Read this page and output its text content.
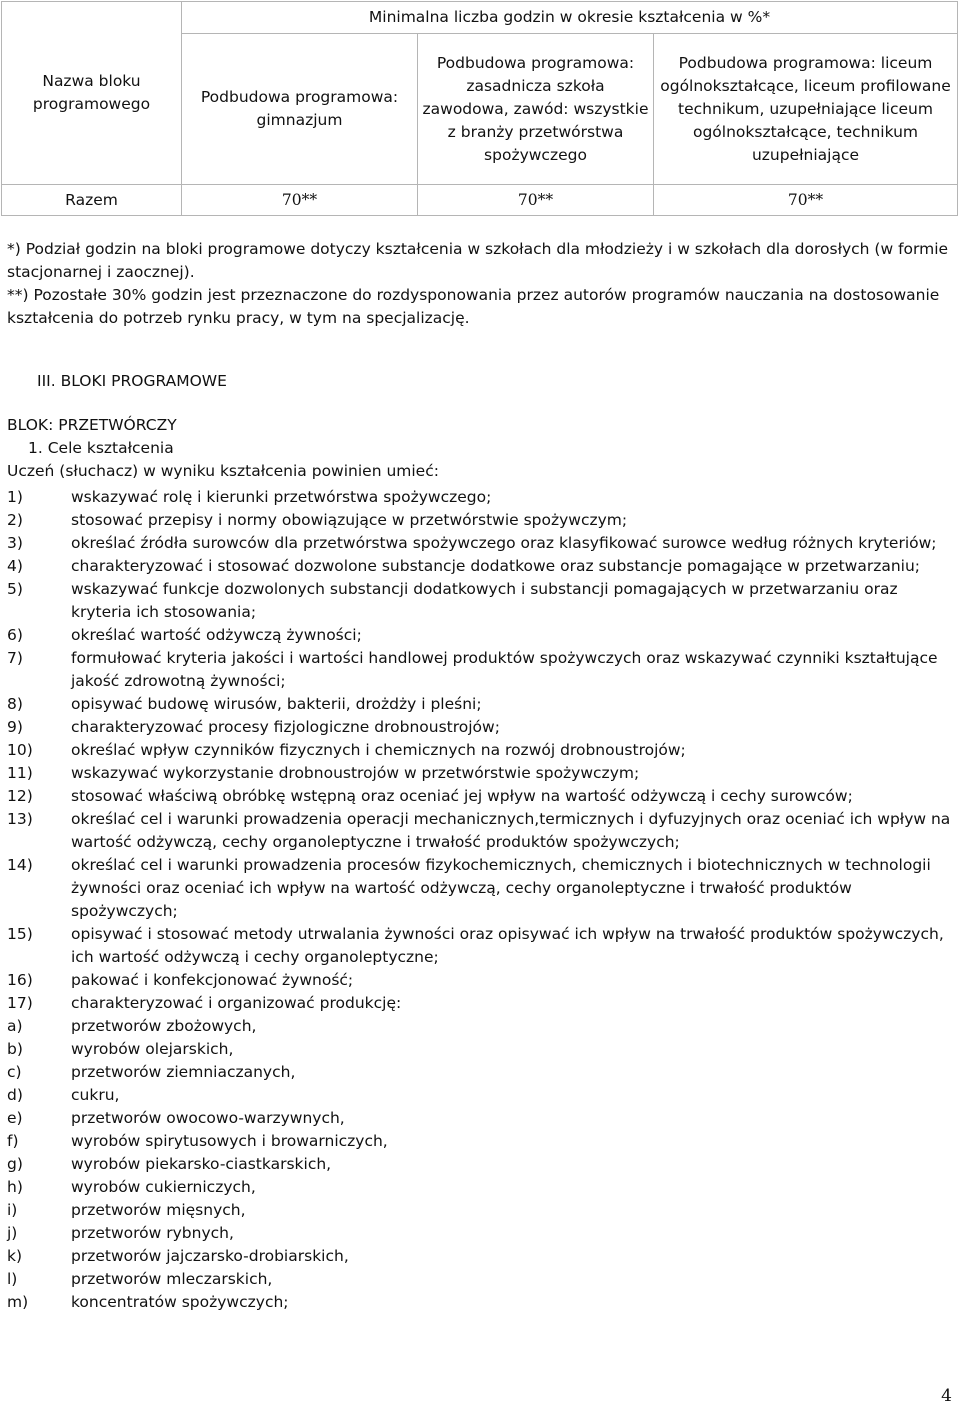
Nazwa bloku programowego	Minimalna liczba godzin w okresie kształcenia w %*		
	Podbudowa programowa: gimnazjum	Podbudowa programowa: zasadnicza szkoła zawodowa, zawód: wszystkie z branży przetwórstwa spożywczego	Podbudowa programowa: liceum ogólnokształcące, liceum profilowane technikum, uzupełniające liceum ogólnokształcące, technikum uzupełniające
Razem	70**	70**	70**

*) Podział godzin na bloki programowe dotyczy kształcenia w szkołach dla młodzieży i w szkołach dla dorosłych (w formie stacjonarnej i zaocznej).

**) Pozostałe 30% godzin jest przeznaczone do rozdysponowania przez autorów programów nauczania na dostosowanie kształcenia do potrzeb rynku pracy, w tym na specjalizację.

III. BLOKI PROGRAMOWE
BLOK: PRZETWÓRCZY
1. Cele kształcenia
Uczeń (słuchacz) w wyniku kształcenia powinien umieć:
1)	wskazywać rolę i kierunki przetwórstwa spożywczego;
2)	stosować przepisy i normy obowiązujące w przetwórstwie spożywczym;
3)	określać źródła surowców dla przetwórstwa spożywczego oraz klasyfikować surowce według różnych kryteriów;
4)	charakteryzować i stosować dozwolone substancje dodatkowe oraz substancje pomagające w przetwarzaniu;
5)	wskazywać funkcje dozwolonych substancji dodatkowych i substancji pomagających w przetwarzaniu oraz kryteria ich stosowania;
6)	określać wartość odżywczą żywności;
7)	formułować kryteria jakości i wartości handlowej produktów spożywczych oraz wskazywać czynniki kształtujące jakość zdrowotną żywności;
8)	opisywać budowę wirusów, bakterii, drożdży i pleśni;
9)	charakteryzować procesy fizjologiczne drobnoustrojów;
10)	określać wpływ czynników fizycznych i chemicznych na rozwój drobnoustrojów;
11)	wskazywać wykorzystanie drobnoustrojów w przetwórstwie spożywczym;
12)	stosować właściwą obróbkę wstępną oraz oceniać jej wpływ na wartość odżywczą i cechy surowców;
13)	określać cel i warunki prowadzenia operacji mechanicznych,termicznych i dyfuzyjnych oraz oceniać ich wpływ na wartość odżywczą, cechy organoleptyczne i trwałość produktów spożywczych;
14)	określać cel i warunki prowadzenia procesów fizykochemicznych, chemicznych i biotechnicznych w technologii żywności oraz oceniać ich wpływ na wartość odżywczą, cechy organoleptyczne i trwałość produktów spożywczych;
15)	opisywać i stosować metody utrwalania żywności oraz opisywać ich wpływ na trwałość produktów spożywczych, ich wartość odżywczą i cechy organoleptyczne;
16)	pakować i konfekcjonować żywność;
17)	charakteryzować i organizować produkcję:
a)	przetworów zbożowych,
b)	wyrobów olejarskich,
c)	przetworów ziemniaczanych,
d)	cukru,
e)	przetworów owocowo-warzywnych,
f)	wyrobów spirytusowych i browarniczych,
g)	wyrobów piekarsko-ciastkarskich,
h)	wyrobów cukierniczych,
i)	przetworów mięsnych,
j)	przetworów rybnych,
k)	przetworów jajczarsko-drobiarskich,
l)	przetworów mleczarskich,
m)	koncentratów spożywczych;
4
